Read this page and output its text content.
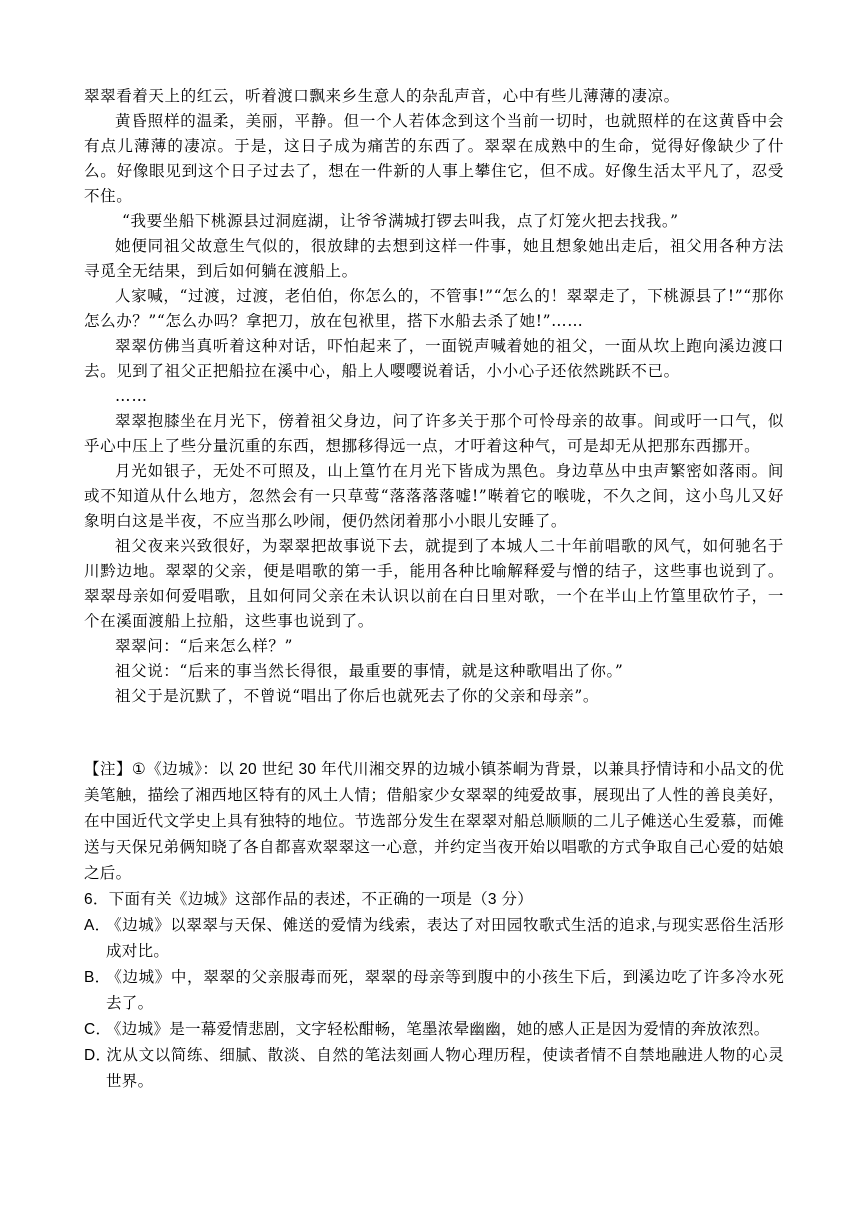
翠翠看着天上的红云，听着渡口飘来乡生意人的杂乱声音，心中有些儿薄薄的凄凉。

黄昏照样的温柔，美丽，平静。但一个人若体念到这个当前一切时，也就照样的在这黄昏中会有点儿薄薄的凄凉。于是，这日子成为痛苦的东西了。翠翠在成熟中的生命，觉得好像缺少了什么。好像眼见到这个日子过去了，想在一件新的人事上攀住它，但不成。好像生活太平凡了，忍受不住。

“我要坐船下桃源县过洞庭湖，让爷爷满城打锣去叫我，点了灯笼火把去找我。”

她便同祖父故意生气似的，很放肆的去想到这样一件事，她且想象她出走后，祖父用各种方法寻觅全无结果，到后如何躺在渡船上。

人家喊，“过渡，过渡，老伯伯，你怎么的，不管事!”“怎么的！翠翠走了，下桃源县了!”“那你怎么办？”“怎么办吗？拿把刀，放在包袱里，搭下水船去杀了她!”……

翠翠仿佛当真听着这种对话，吓怕起来了，一面锐声喊着她的祖父，一面从坎上跑向溪边渡口去。见到了祖父正把船拉在溪中心，船上人嘤嘤说着话，小小心子还依然跳跃不已。

……

翠翠抱膝坐在月光下，傍着祖父身边，问了许多关于那个可怜母亲的故事。间或吁一口气，似乎心中压上了些分量沉重的东西，想挪移得远一点，才吁着这种气，可是却无从把那东西挪开。

月光如银子，无处不可照及，山上篁竹在月光下皆成为黑色。身边草丛中虫声繁密如落雨。间或不知道从什么地方，忽然会有一只草莺“落落落落嘘!”啭着它的喉咙，不久之间，这小鸟儿又好象明白这是半夜，不应当那么吵闹，便仍然闭着那小小眼儿安睡了。

祖父夜来兴致很好，为翠翠把故事说下去，就提到了本城人二十年前唱歌的风气，如何驰名于川黔边地。翠翠的父亲，便是唱歌的第一手，能用各种比喻解释爱与憎的结子，这些事也说到了。翠翠母亲如何爱唱歌，且如何同父亲在未认识以前在白日里对歌，一个在半山上竹篁里砍竹子，一个在溪面渡船上拉船，这些事也说到了。

翠翠问：“后来怎么样？”

祖父说：“后来的事当然长得很，最重要的事情，就是这种歌唱出了你。”

祖父于是沉默了，不曾说“唱出了你后也就死去了你的父亲和母亲”。

【注】①《边城》：以 20 世纪 30 年代川湘交界的边城小镇茶峒为背景，以兼具抒情诗和小品文的优美笔触，描绘了湘西地区特有的风土人情；借船家少女翠翠的纯爱故事，展现出了人性的善良美好，在中国近代文学史上具有独特的地位。节选部分发生在翠翠对船总顺顺的二儿子傩送心生爱慕，而傩送与天保兄弟俩知晓了各自都喜欢翠翠这一心意，并约定当夜开始以唱歌的方式争取自己心爱的姑娘之后。

6．下面有关《边城》这部作品的表述，不正确的一项是（3 分）

A．《边城》以翠翠与天保、傩送的爱情为线索，表达了对田园牧歌式生活的追求,与现实恶俗生活形成对比。

B．《边城》中，翠翠的父亲服毒而死，翠翠的母亲等到腹中的小孩生下后，到溪边吃了许多冷水死去了。

C．《边城》是一幕爱情悲剧，文字轻松酣畅，笔墨浓晕幽幽，她的感人正是因为爱情的奔放浓烈。

D．沈从文以简练、细腻、散淡、自然的笔法刻画人物心理历程，使读者情不自禁地融进人物的心灵世界。
